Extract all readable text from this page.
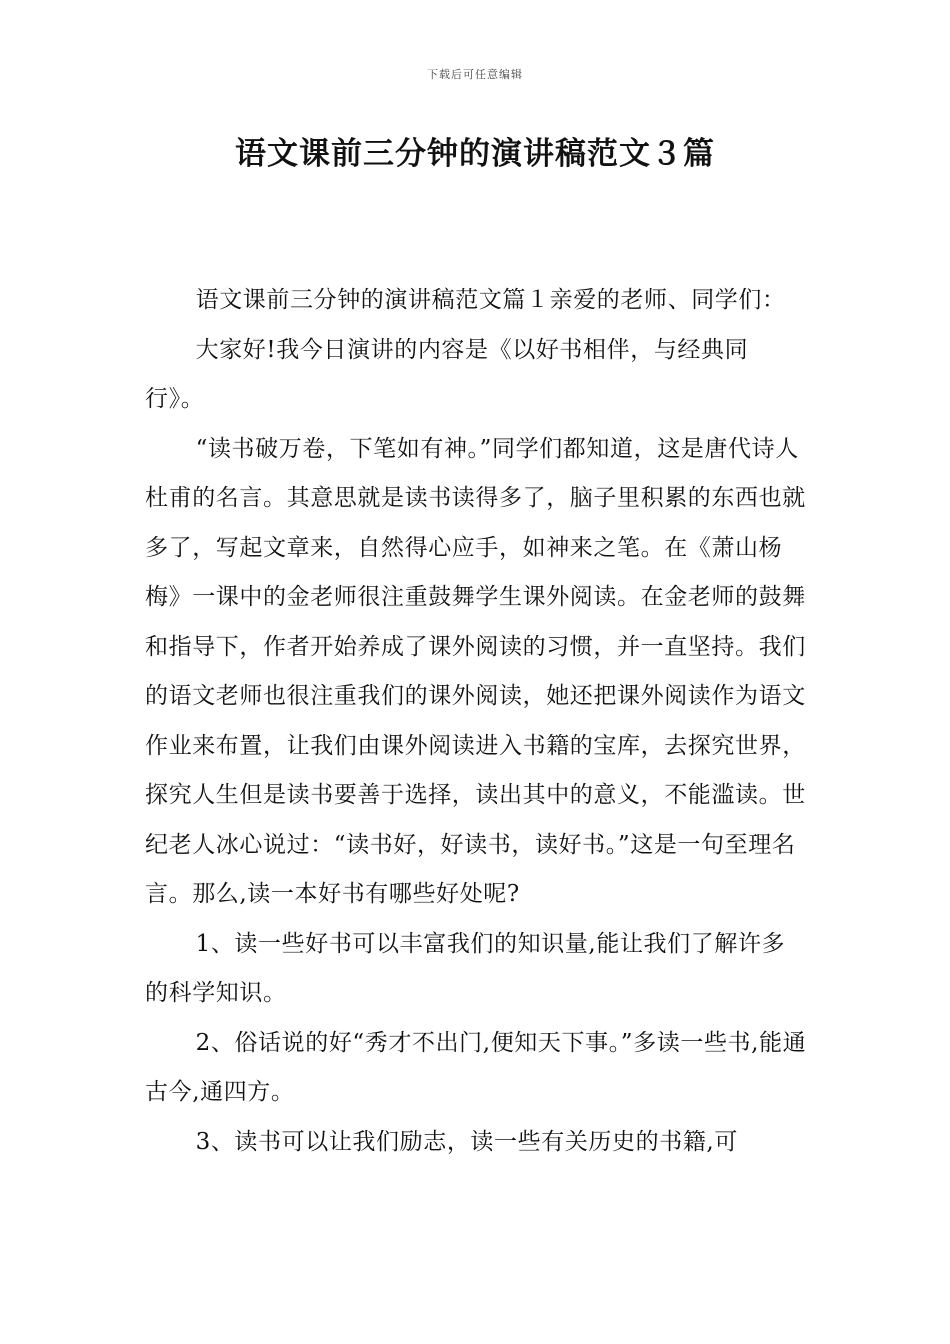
下载后可任意编辑
语文课前三分钟的演讲稿范文３篇

语文课前三分钟的演讲稿范文篇１亲爱的老师、同学们：

大家好!我今日演讲的内容是《以好书相伴，与经典同行》。

“读书破万卷，下笔如有神。”同学们都知道，这是唐代诗人杜甫的名言。其意思就是读书读得多了，脑子里积累的东西也就多了，写起文章来，自然得心应手，如神来之笔。在《萧山杨梅》一课中的金老师很注重鼓舞学生课外阅读。在金老师的鼓舞和指导下，作者开始养成了课外阅读的习惯，并一直坚持。我们的语文老师也很注重我们的课外阅读，她还把课外阅读作为语文作业来布置，让我们由课外阅读进入书籍的宝库，去探究世界，探究人生但是读书要善于选择，读出其中的意义，不能滥读。世纪老人冰心说过：“读书好，好读书，读好书。”这是一句至理名言。那么,读一本好书有哪些好处呢?

1、读一些好书可以丰富我们的知识量,能让我们了解许多的科学知识。

2、俗话说的好“秀才不出门,便知天下事。”多读一些书,能通古今,通四方。

3、读书可以让我们励志，读一些有关历史的书籍,可
